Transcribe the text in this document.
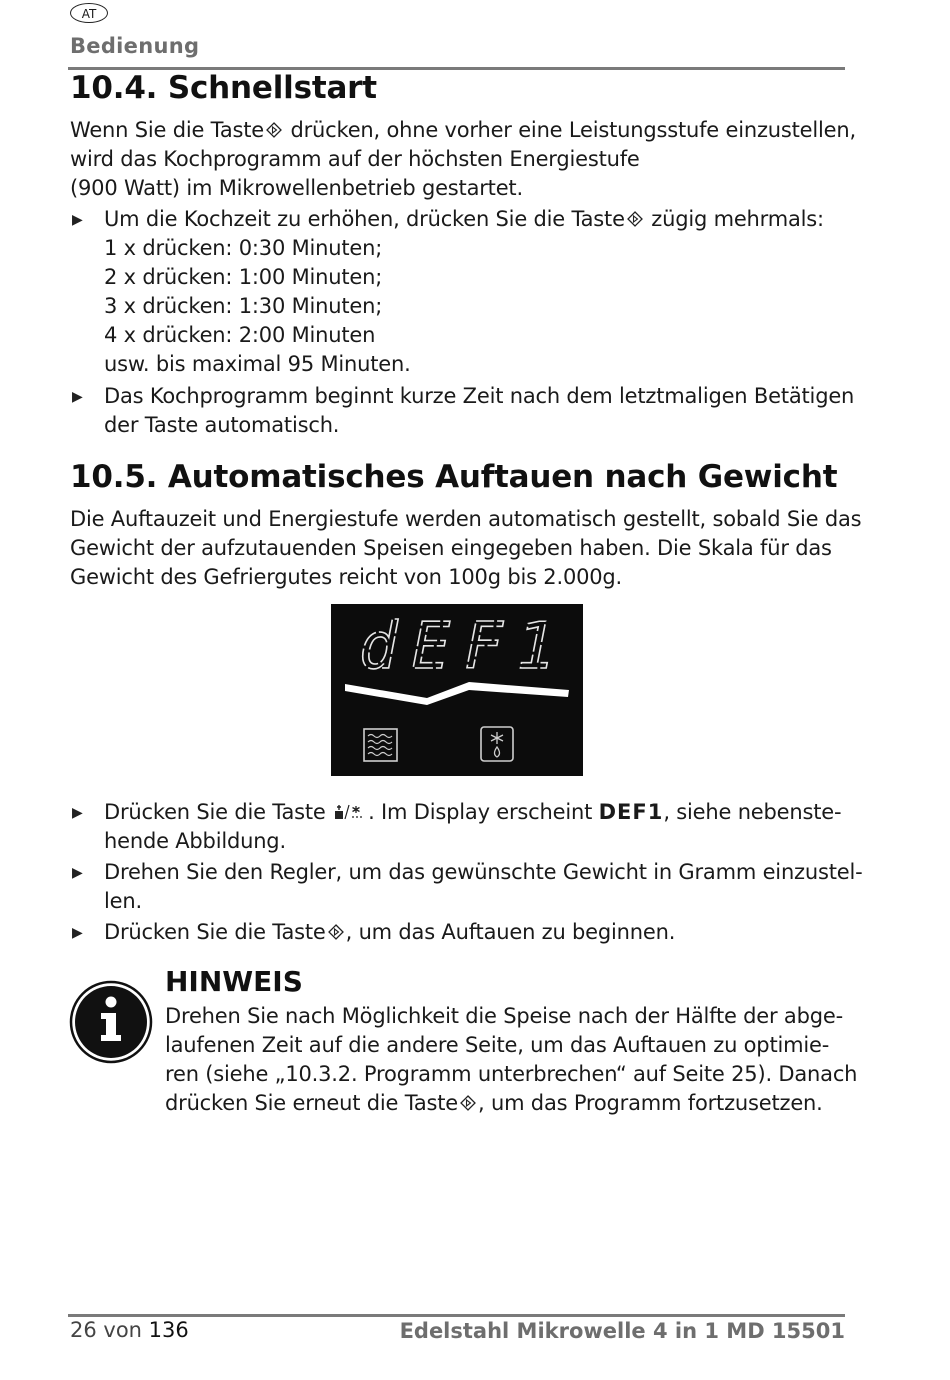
AT
Bedienung
10.4. Schnellstart
Wenn Sie die Taste drücken, ohne vorher eine Leistungsstufe einzustellen,
wird das Kochprogramm auf der höchsten Energiestufe
(900 Watt) im Mikrowellenbetrieb gestartet.
▶ Um die Kochzeit zu erhöhen, drücken Sie die Taste zügig mehrmals:
1 x drücken: 0:30 Minuten;
2 x drücken: 1:00 Minuten;
3 x drücken: 1:30 Minuten;
4 x drücken: 2:00 Minuten
usw. bis maximal 95 Minuten.
▶ Das Kochprogramm beginnt kurze Zeit nach dem letztmaligen Betätigen
der Taste automatisch.
10.5. Automatisches Auftauen nach Gewicht
Die Auftauzeit und Energiestufe werden automatisch gestellt, sobald Sie das
Gewicht der aufzutauenden Speisen eingegeben haben. Die Skala für das
Gewicht des Gefriergutes reicht von 100g bis 2.000g.
dEF1
▶ Drücken Sie die Taste . Im Display erscheint DEF1, siehe nebenste-
hende Abbildung.
▶ Drehen Sie den Regler, um das gewünschte Gewicht in Gramm einzustel-
len.
▶ Drücken Sie die Taste , um das Auftauen zu beginnen.
HINWEIS
Drehen Sie nach Möglichkeit die Speise nach der Hälfte der abge-
laufenen Zeit auf die andere Seite, um das Auftauen zu optimie-
ren (siehe „10.3.2. Programm unterbrechen“ auf Seite 25). Danach
drücken Sie erneut die Taste , um das Programm fortzusetzen.
26 von 136	Edelstahl Mikrowelle 4 in 1 MD 15501
